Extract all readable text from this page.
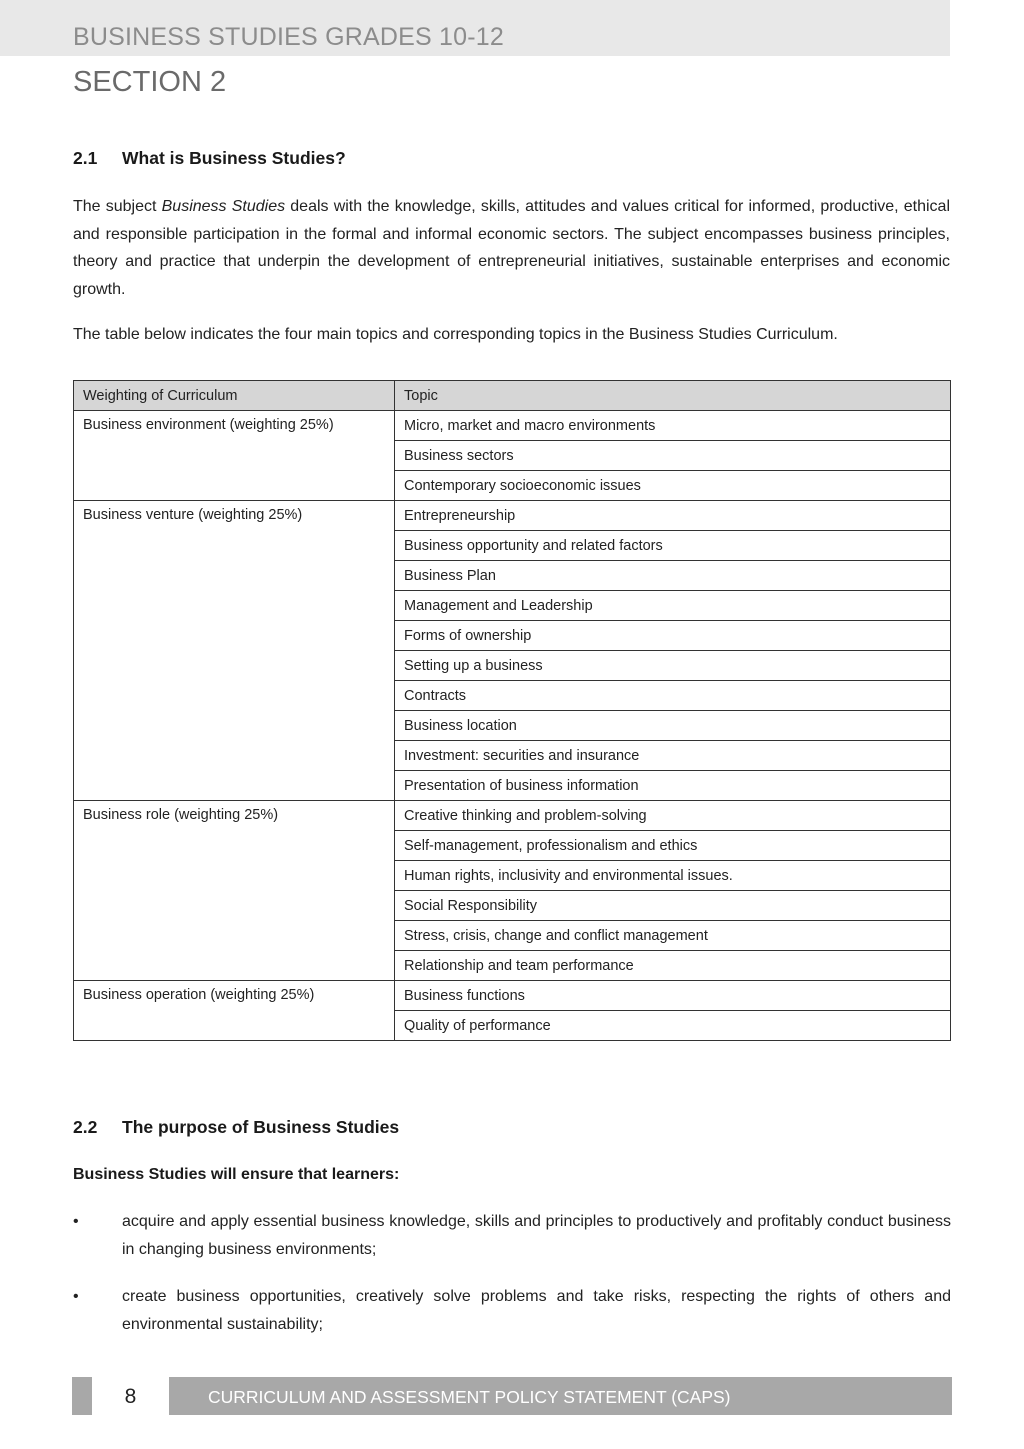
BUSINESS STUDIES GRADES 10-12
SECTION 2
2.1 What is Business Studies?
The subject Business Studies deals with the knowledge, skills, attitudes and values critical for informed, productive, ethical and responsible participation in the formal and informal economic sectors. The subject encompasses business principles, theory and practice that underpin the development of entrepreneurial initiatives, sustainable enterprises and economic growth.
The table below indicates the four main topics and corresponding topics in the Business Studies Curriculum.
Weighting of Curriculum	Topic
Business environment (weighting 25%)	Micro, market and macro environments
	Business sectors
	Contemporary socioeconomic issues
Business venture (weighting 25%)	Entrepreneurship
	Business opportunity and related factors
	Business Plan
	Management and Leadership
	Forms of ownership
	Setting up a business
	Contracts
	Business location
	Investment: securities and insurance
	Presentation of business information
Business role (weighting 25%)	Creative thinking and problem-solving
	Self-management, professionalism and ethics
	Human rights, inclusivity and environmental issues.
	Social Responsibility
	Stress, crisis, change and conflict management
	Relationship and team performance
Business operation (weighting 25%)	Business functions
	Quality of performance
2.2 The purpose of Business Studies
Business Studies will ensure that learners:
•	acquire and apply essential business knowledge, skills and principles to productively and profitably conduct business in changing business environments;
•	create business opportunities, creatively solve problems and take risks, respecting the rights of others and environmental sustainability;
8	CURRICULUM AND ASSESSMENT POLICY STATEMENT (CAPS)
